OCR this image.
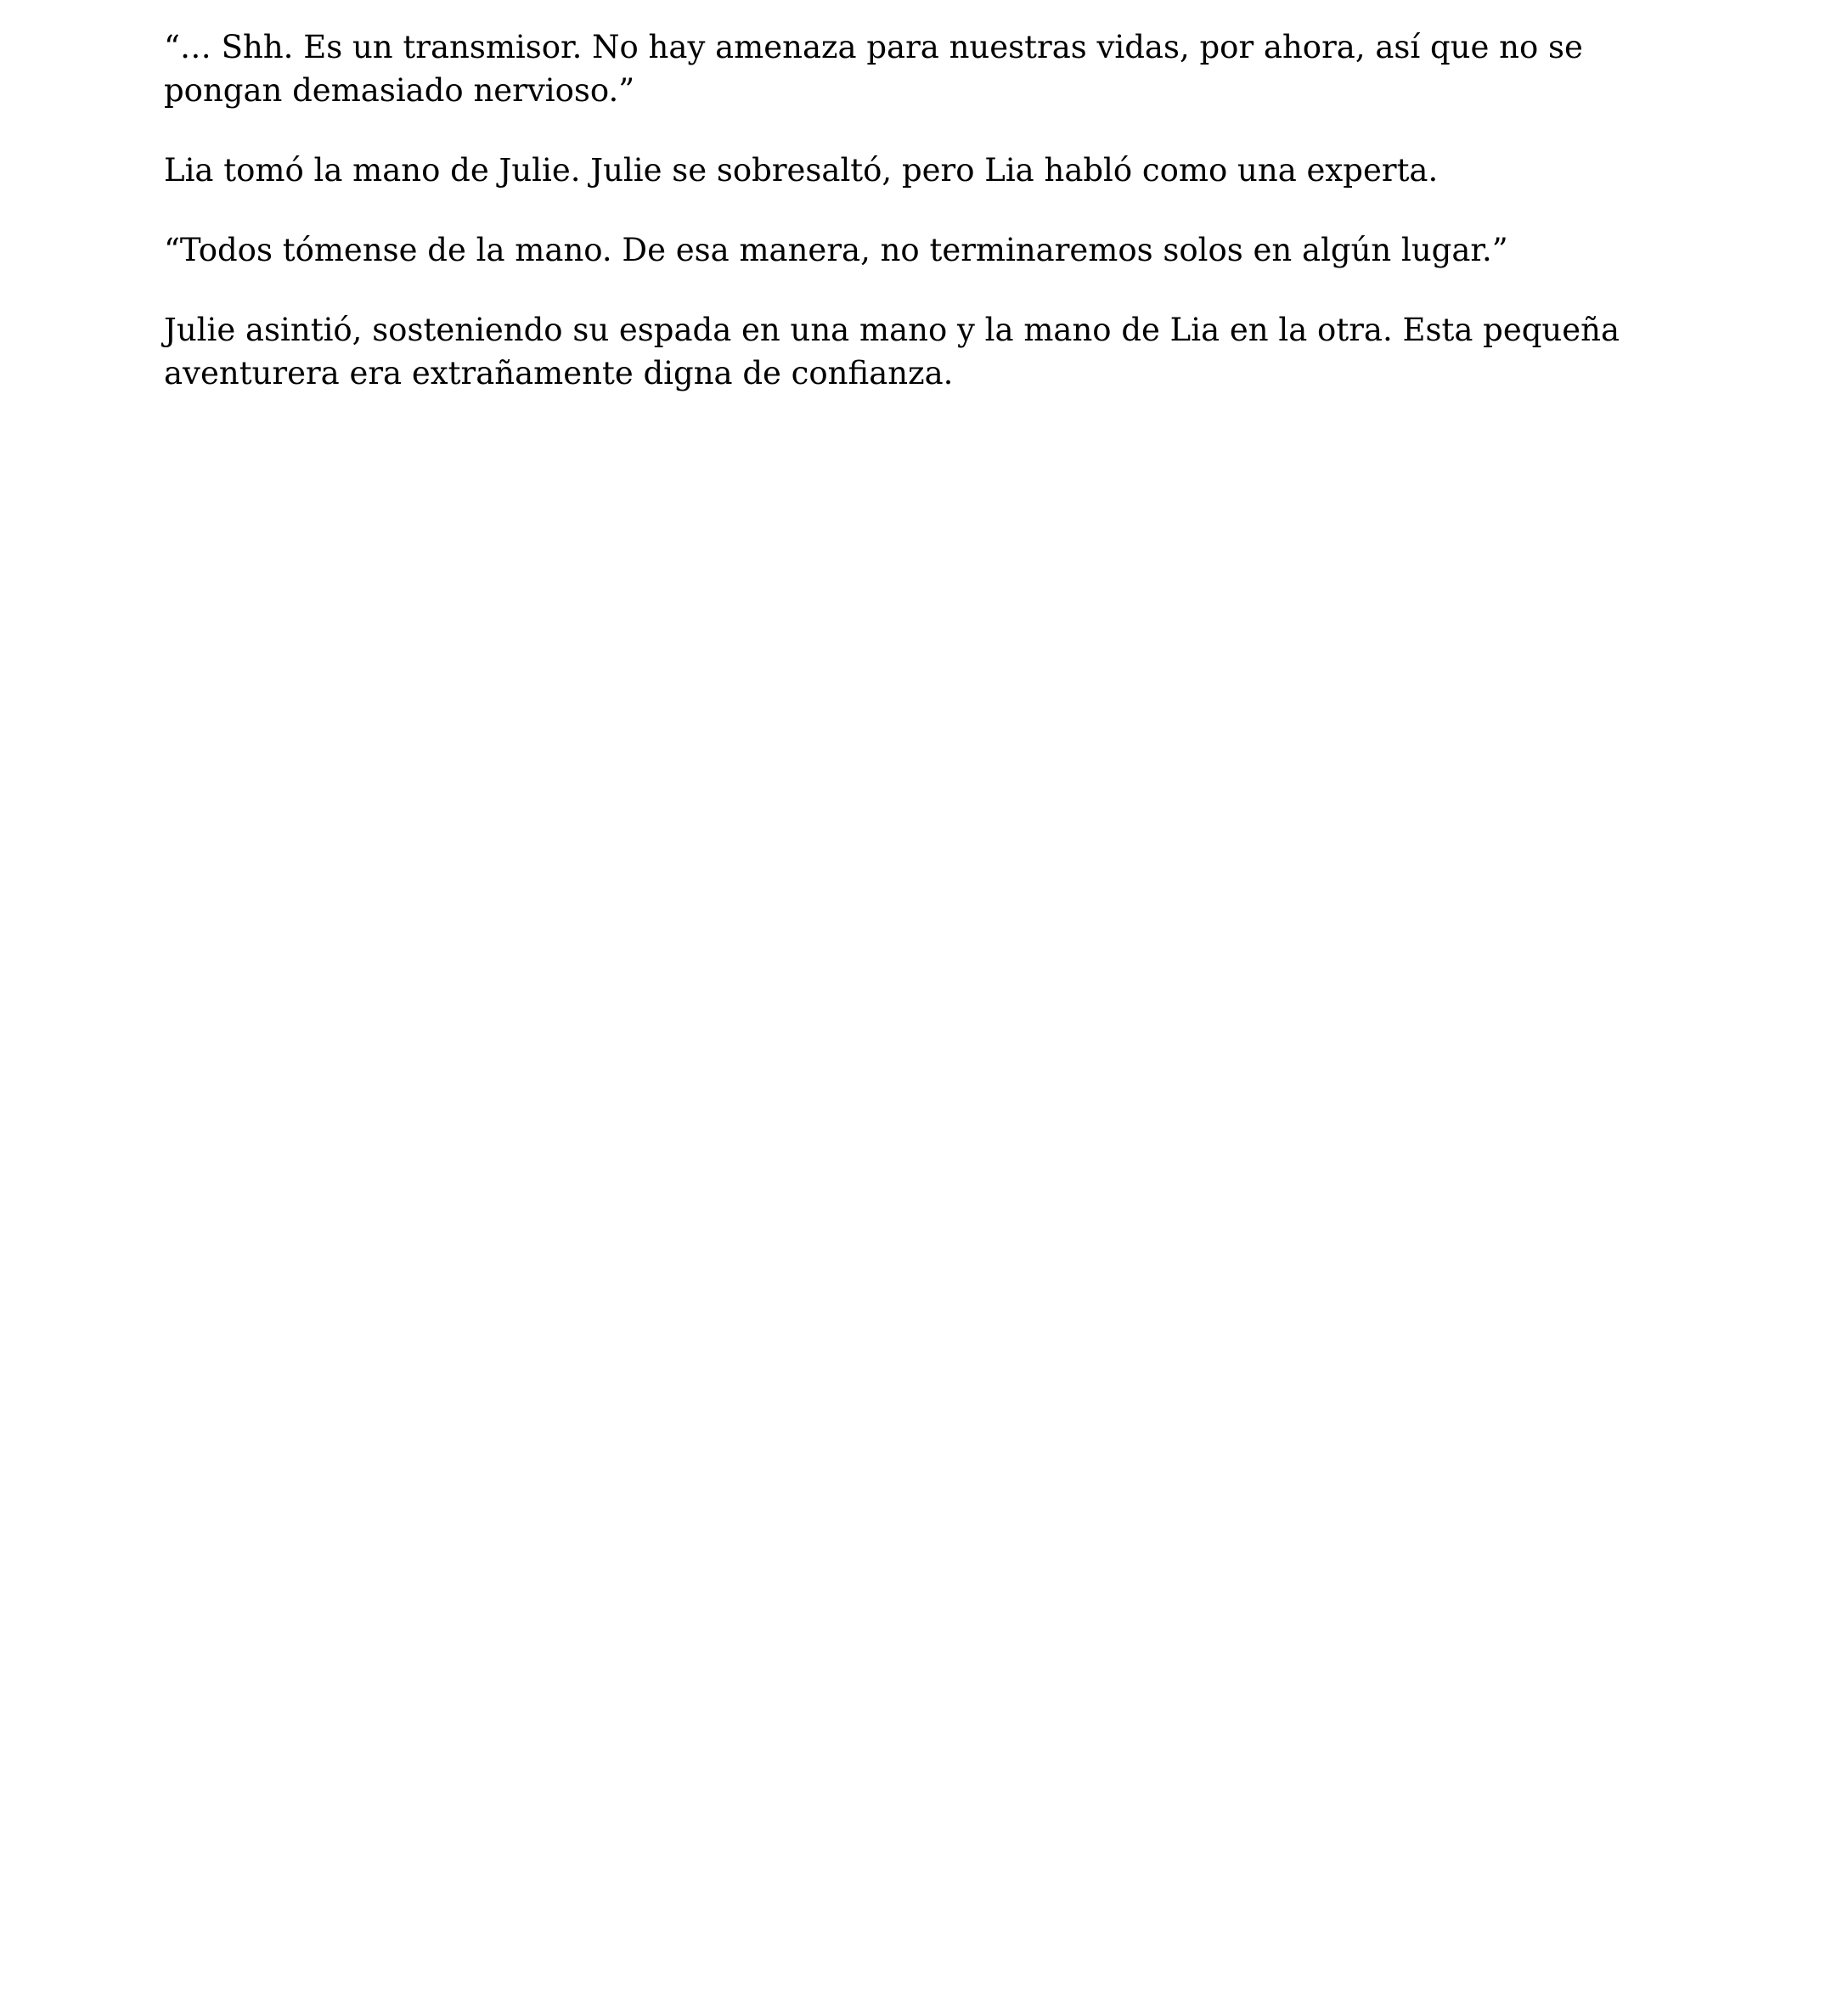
“… Shh. Es un transmisor. No hay amenaza para nuestras vidas, por ahora, así que no se pongan demasiado nervioso.”

Lia tomó la mano de Julie. Julie se sobresaltó, pero Lia habló como una experta.

“Todos tómense de la mano. De esa manera, no terminaremos solos en algún lugar.”

Julie asintió, sosteniendo su espada en una mano y la mano de Lia en la otra. Esta pequeña aventurera era extrañamente digna de confianza.
